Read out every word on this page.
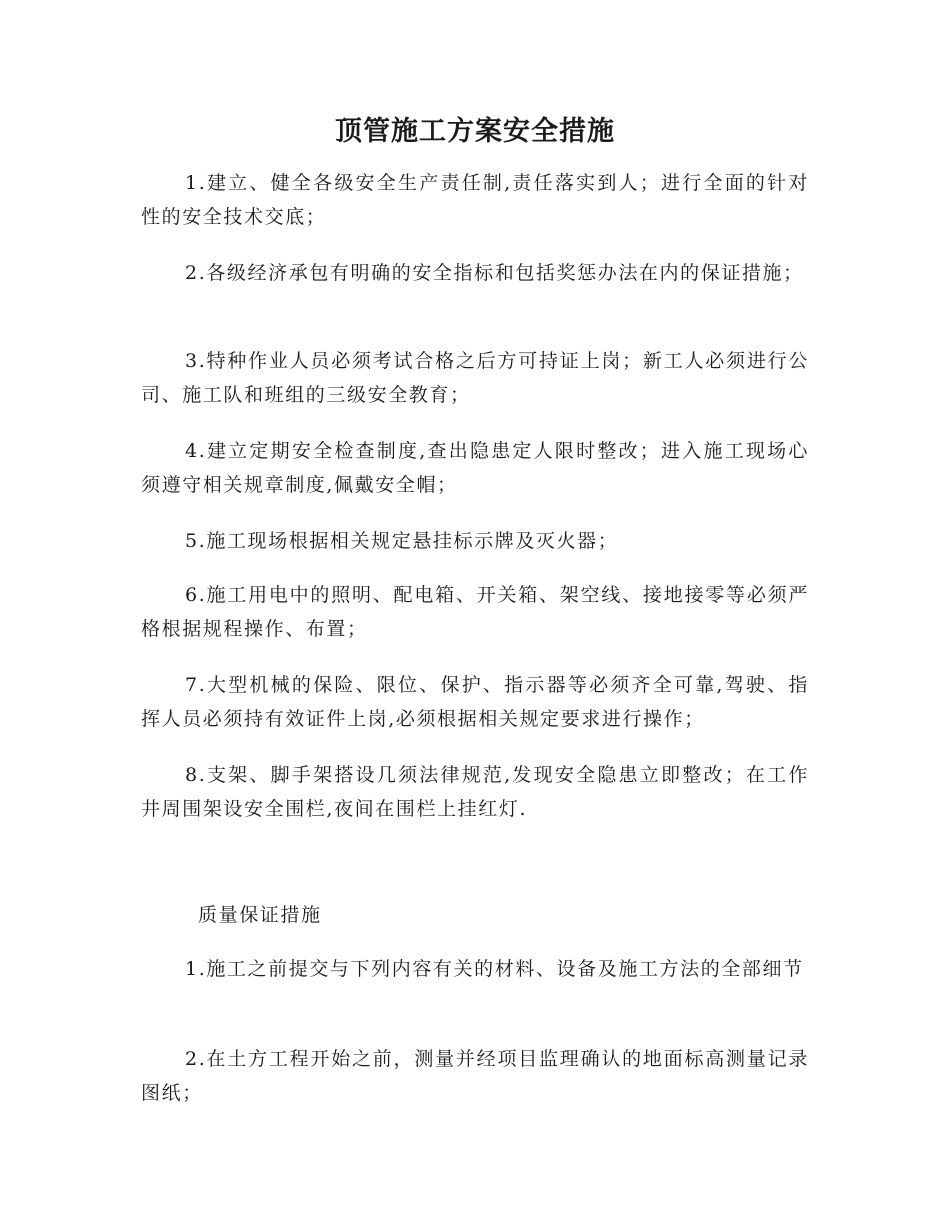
顶管施工方案安全措施

1.建立、健全各级安全生产责任制,责任落实到人；进行全面的针对性的安全技术交底；

2.各级经济承包有明确的安全指标和包括奖惩办法在内的保证措施；

3.特种作业人员必须考试合格之后方可持证上岗；新工人必须进行公司、施工队和班组的三级安全教育；

4.建立定期安全检查制度,查出隐患定人限时整改；进入施工现场心须遵守相关规章制度,佩戴安全帽；

5.施工现场根据相关规定悬挂标示牌及灭火器；

6.施工用电中的照明、配电箱、开关箱、架空线、接地接零等必须严格根据规程操作、布置；

7.大型机械的保险、限位、保护、指示器等必须齐全可靠,驾驶、指挥人员必须持有效证件上岗,必须根据相关规定要求进行操作；

8.支架、脚手架搭设几须法律规范,发现安全隐患立即整改；在工作井周围架设安全围栏,夜间在围栏上挂红灯.

质量保证措施

1.施工之前提交与下列内容有关的材料、设备及施工方法的全部细节

2.在土方工程开始之前，测量并经项目监理确认的地面标高测量记录图纸；
